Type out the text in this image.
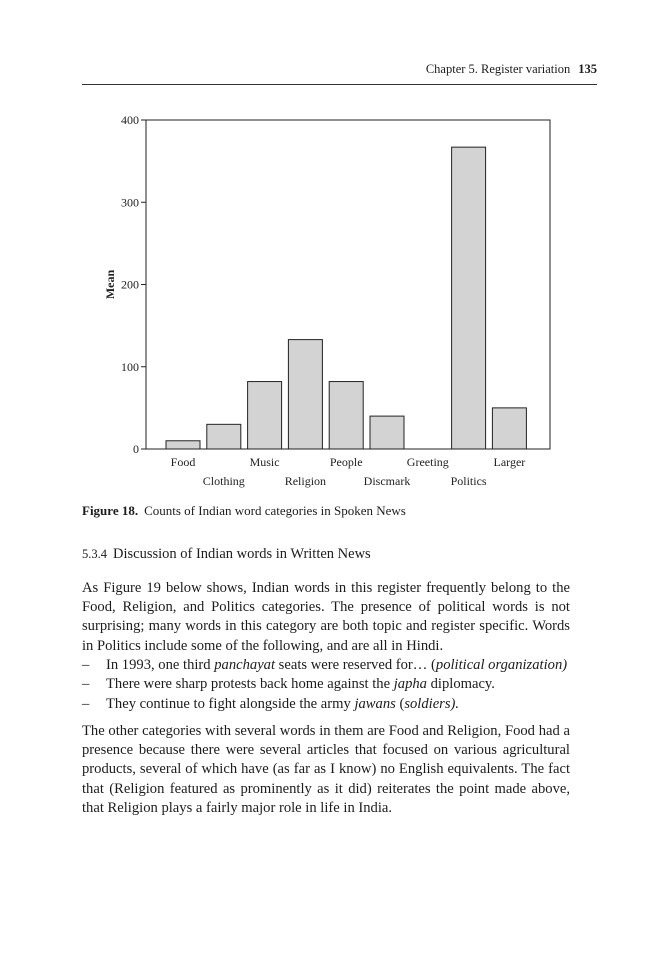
Chapter 5. Register variation 135
0
100
200
300
400
Mean
Food
Clothing
Music
Religion
People
Discmark
Greeting
Politics
Larger
Figure 18. Counts of Indian word categories in Spoken News
5.3.4 Discussion of Indian words in Written News

As Figure 19 below shows, Indian words in this register frequently belong to the Food, Religion, and Politics categories. The presence of political words is not surprising; many words in this category are both topic and register specific. Words in Politics include some of the following, and are all in Hindi.

– In 1993, one third panchayat seats were reserved for… (political organization)
– There were sharp protests back home against the japha diplomacy.
– They continue to fight alongside the army jawans (soldiers).

The other categories with several words in them are Food and Religion, Food had a presence because there were several articles that focused on various agricultural products, several of which have (as far as I know) no English equivalents. The fact that (Religion featured as prominently as it did) reiterates the point made above, that Religion plays a fairly major role in life in India.
